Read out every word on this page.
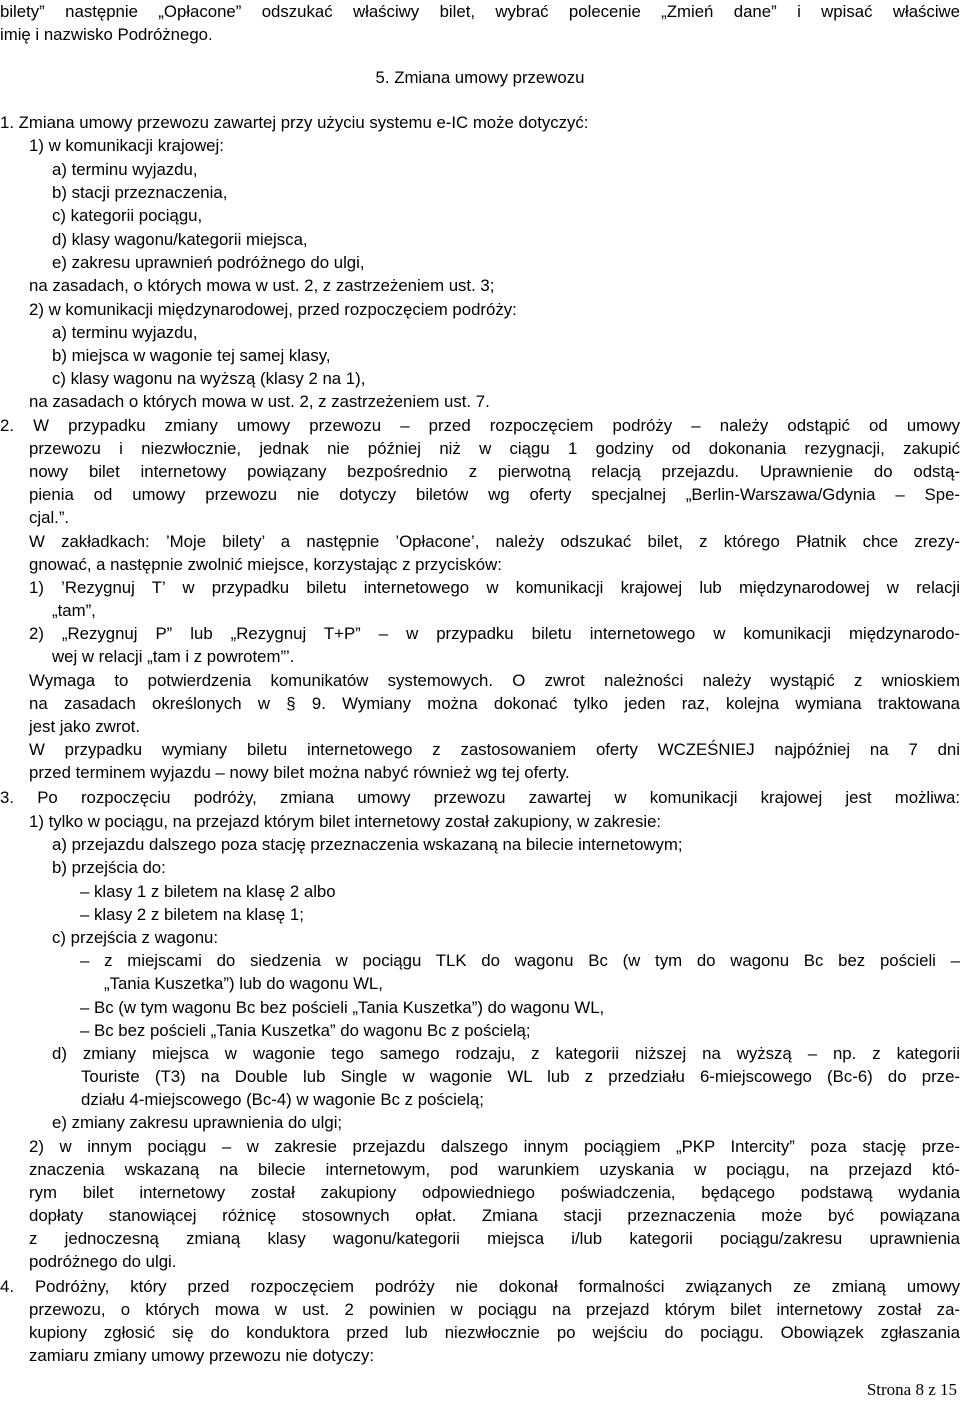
bilety” następnie „Opłacone” odszukać właściwy bilet, wybrać polecenie „Zmień dane” i wpisać właściwe
imię i nazwisko Podróżnego.
5. Zmiana umowy przewozu
1. Zmiana umowy przewozu zawartej przy użyciu systemu e-IC może dotyczyć:
1) w komunikacji krajowej:
a) terminu wyjazdu,
b) stacji przeznaczenia,
c) kategorii pociągu,
d) klasy wagonu/kategorii miejsca,
e) zakresu uprawnień podróżnego do ulgi,
na zasadach, o których mowa w ust. 2, z zastrzeżeniem ust. 3;
2) w komunikacji międzynarodowej, przed rozpoczęciem podróży:
a) terminu wyjazdu,
b) miejsca w wagonie tej samej klasy,
c) klasy wagonu na wyższą (klasy 2 na 1),
na zasadach o których mowa w ust. 2, z zastrzeżeniem ust. 7.
2. W przypadku zmiany umowy przewozu – przed rozpoczęciem podróży – należy odstąpić od umowy
przewozu i niezwłocznie, jednak nie później niż w ciągu 1 godziny od dokonania rezygnacji, zakupić
nowy bilet internetowy powiązany bezpośrednio z pierwotną relacją przejazdu. Uprawnienie do odstą-
pienia od umowy przewozu nie dotyczy biletów wg oferty specjalnej „Berlin-Warszawa/Gdynia – Spe-
cjal.”.
W zakładkach: ’Moje bilety’ a następnie ’Opłacone’, należy odszukać bilet, z którego Płatnik chce zrezy-
gnować, a następnie zwolnić miejsce, korzystając z przycisków:
1) ’Rezygnuj T’ w przypadku biletu internetowego w komunikacji krajowej lub międzynarodowej w relacji
„tam”,
2) „Rezygnuj P” lub „Rezygnuj T+P” – w przypadku biletu internetowego w komunikacji międzynarodo-
wej w relacji „tam i z powrotem”’.
Wymaga to potwierdzenia komunikatów systemowych. O zwrot należności należy wystąpić z wnioskiem
na zasadach określonych w § 9. Wymiany można dokonać tylko jeden raz, kolejna wymiana traktowana
jest jako zwrot.
W przypadku wymiany biletu internetowego z zastosowaniem oferty WCZEŚNIEJ najpóźniej na 7 dni
przed terminem wyjazdu – nowy bilet można nabyć również wg tej oferty.
3. Po rozpoczęciu podróży, zmiana umowy przewozu zawartej w komunikacji krajowej jest możliwa:
1) tylko w pociągu, na przejazd którym bilet internetowy został zakupiony, w zakresie:
a) przejazdu dalszego poza stację przeznaczenia wskazaną na bilecie internetowym;
b) przejścia do:
– klasy 1 z biletem na klasę 2 albo
– klasy 2 z biletem na klasę 1;
c) przejścia z wagonu:
– z miejscami do siedzenia w pociągu TLK do wagonu Bc (w tym do wagonu Bc bez pościeli –
„Tania Kuszetka”) lub do wagonu WL,
– Bc (w tym wagonu Bc bez pościeli „Tania Kuszetka”) do wagonu WL,
– Bc bez pościeli „Tania Kuszetka” do wagonu Bc z pościelą;
d) zmiany miejsca w wagonie tego samego rodzaju, z kategorii niższej na wyższą – np. z kategorii
Touriste (T3) na Double lub Single w wagonie WL lub z przedziału 6-miejscowego (Bc-6) do prze-
działu 4-miejscowego (Bc-4) w wagonie Bc z pościelą;
e) zmiany zakresu uprawnienia do ulgi;
2) w innym pociągu – w zakresie przejazdu dalszego innym pociągiem „PKP Intercity” poza stację prze-
znaczenia wskazaną na bilecie internetowym, pod warunkiem uzyskania w pociągu, na przejazd któ-
rym bilet internetowy został zakupiony odpowiedniego poświadczenia, będącego podstawą wydania
dopłaty stanowiącej różnicę stosownych opłat. Zmiana stacji przeznaczenia może być powiązana
z jednoczesną zmianą klasy wagonu/kategorii miejsca i/lub kategorii pociągu/zakresu uprawnienia
podróżnego do ulgi.
4. Podróżny, który przed rozpoczęciem podróży nie dokonał formalności związanych ze zmianą umowy
przewozu, o których mowa w ust. 2 powinien w pociągu na przejazd którym bilet internetowy został za-
kupiony zgłosić się do konduktora przed lub niezwłocznie po wejściu do pociągu. Obowiązek zgłaszania
zamiaru zmiany umowy przewozu nie dotyczy:
Strona 8 z 15
